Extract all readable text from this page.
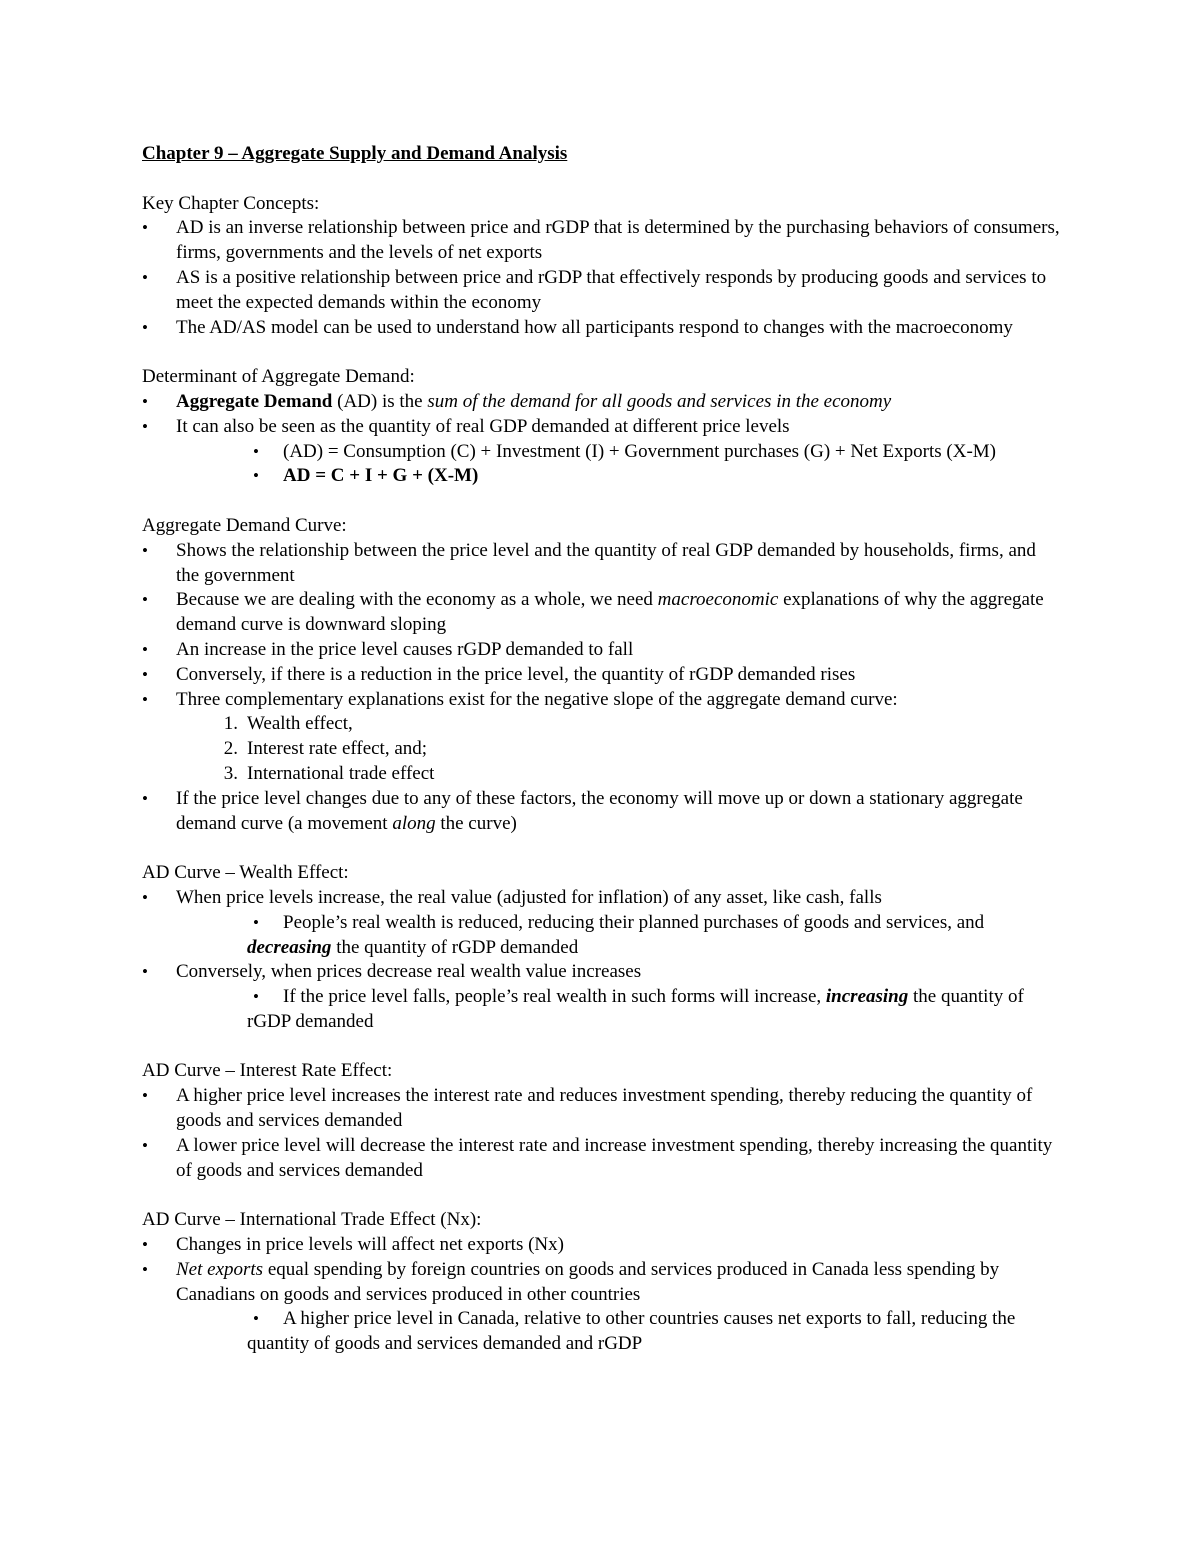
Chapter 9 – Aggregate Supply and Demand Analysis

Key Chapter Concepts:

• AD is an inverse relationship between price and rGDP that is determined by the purchasing behaviors of consumers, firms, governments and the levels of net exports
• AS is a positive relationship between price and rGDP that effectively responds by producing goods and services to meet the expected demands within the economy
• The AD/AS model can be used to understand how all participants respond to changes with the macroeconomy

Determinant of Aggregate Demand:

• Aggregate Demand (AD) is the sum of the demand for all goods and services in the economy
• It can also be seen as the quantity of real GDP demanded at different price levels
•	(AD) = Consumption (C) + Investment (I) + Government purchases (G) + Net Exports (X-M)
•	AD = C + I + G + (X-M)

Aggregate Demand Curve:

• Shows the relationship between the price level and the quantity of real GDP demanded by households, firms, and the government
• Because we are dealing with the economy as a whole, we need macroeconomic explanations of why the aggregate demand curve is downward sloping
• An increase in the price level causes rGDP demanded to fall
• Conversely, if there is a reduction in the price level, the quantity of rGDP demanded rises
• Three complementary explanations exist for the negative slope of the aggregate demand curve:
1. Wealth effect,
2. Interest rate effect, and;
3. International trade effect
• If the price level changes due to any of these factors, the economy will move up or down a stationary aggregate demand curve (a movement along the curve)

AD Curve – Wealth Effect:

• When price levels increase, the real value (adjusted for inflation) of any asset, like cash, falls
•	People’s real wealth is reduced, reducing their planned purchases of goods and services, and decreasing the quantity of rGDP demanded
• Conversely, when prices decrease real wealth value increases
•	If the price level falls, people’s real wealth in such forms will increase, increasing the quantity of rGDP demanded

AD Curve – Interest Rate Effect:

• A higher price level increases the interest rate and reduces investment spending, thereby reducing the quantity of goods and services demanded
• A lower price level will decrease the interest rate and increase investment spending, thereby increasing the quantity of goods and services demanded

AD Curve – International Trade Effect (Nx):

• Changes in price levels will affect net exports (Nx)
• Net exports equal spending by foreign countries on goods and services produced in Canada less spending by Canadians on goods and services produced in other countries
•	A higher price level in Canada, relative to other countries causes net exports to fall, reducing the quantity of goods and services demanded and rGDP
